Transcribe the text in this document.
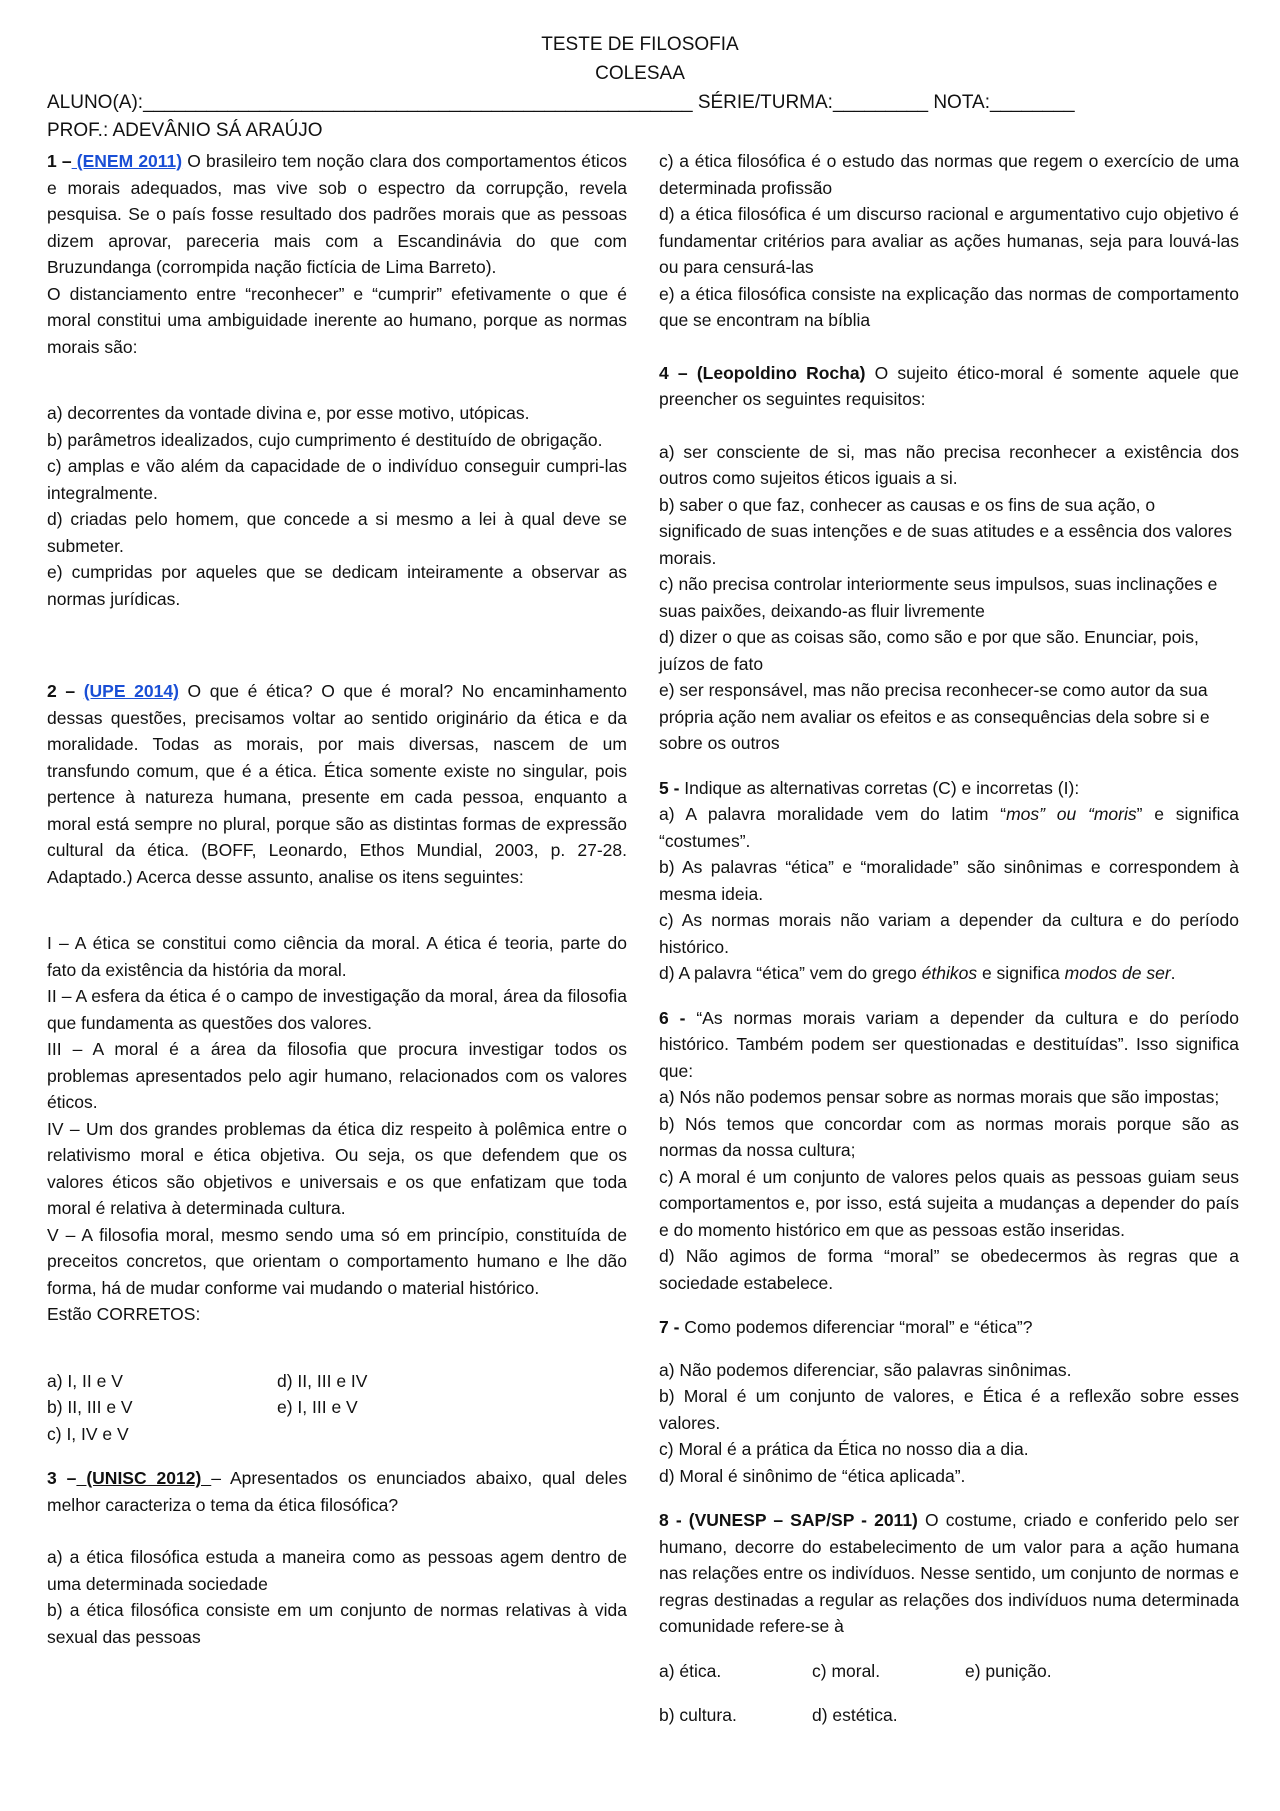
TESTE DE FILOSOFIA
COLESAA
ALUNO(A):____________________________________________________ SÉRIE/TURMA:_________ NOTA:________
PROF.: ADEVÂNIO SÁ ARAÚJO

1 – (ENEM 2011) O brasileiro tem noção clara dos comportamentos éticos e morais adequados, mas vive sob o espectro da corrupção, revela pesquisa. Se o país fosse resultado dos padrões morais que as pessoas dizem aprovar, pareceria mais com a Escandinávia do que com Bruzundanga (corrompida nação fictícia de Lima Barreto).

O distanciamento entre “reconhecer” e “cumprir” efetivamente o que é moral constitui uma ambiguidade inerente ao humano, porque as normas morais são:

a) decorrentes da vontade divina e, por esse motivo, utópicas.

b) parâmetros idealizados, cujo cumprimento é destituído de obrigação.

c) amplas e vão além da capacidade de o indivíduo conseguir cumpri-las integralmente.

d) criadas pelo homem, que concede a si mesmo a lei à qual deve se submeter.

e) cumpridas por aqueles que se dedicam inteiramente a observar as normas jurídicas.

2 – (UPE 2014) O que é ética? O que é moral? No encaminhamento dessas questões, precisamos voltar ao sentido originário da ética e da moralidade. Todas as morais, por mais diversas, nascem de um transfundo comum, que é a ética. Ética somente existe no singular, pois pertence à natureza humana, presente em cada pessoa, enquanto a moral está sempre no plural, porque são as distintas formas de expressão cultural da ética. (BOFF, Leonardo, Ethos Mundial, 2003, p. 27-28. Adaptado.) Acerca desse assunto, analise os itens seguintes:

I – A ética se constitui como ciência da moral. A ética é teoria, parte do fato da existência da história da moral.

II – A esfera da ética é o campo de investigação da moral, área da filosofia que fundamenta as questões dos valores.

III – A moral é a área da filosofia que procura investigar todos os problemas apresentados pelo agir humano, relacionados com os valores éticos.

IV – Um dos grandes problemas da ética diz respeito à polêmica entre o relativismo moral e ética objetiva. Ou seja, os que defendem que os valores éticos são objetivos e universais e os que enfatizam que toda moral é relativa à determinada cultura.

V – A filosofia moral, mesmo sendo uma só em princípio, constituída de preceitos concretos, que orientam o comportamento humano e lhe dão forma, há de mudar conforme vai mudando o material histórico.

Estão CORRETOS:

a) I, II e V	d) II, III e IV
b) II, III e V	e) I, III e V
c) I, IV e V

3 – (UNISC 2012) – Apresentados os enunciados abaixo, qual deles melhor caracteriza o tema da ética filosófica?

a) a ética filosófica estuda a maneira como as pessoas agem dentro de uma determinada sociedade

b) a ética filosófica consiste em um conjunto de normas relativas à vida sexual das pessoas

c) a ética filosófica é o estudo das normas que regem o exercício de uma determinada profissão

d) a ética filosófica é um discurso racional e argumentativo cujo objetivo é fundamentar critérios para avaliar as ações humanas, seja para louvá-las ou para censurá-las

e) a ética filosófica consiste na explicação das normas de comportamento que se encontram na bíblia

4 – (Leopoldino Rocha) O sujeito ético-moral é somente aquele que preencher os seguintes requisitos:

a) ser consciente de si, mas não precisa reconhecer a existência dos outros como sujeitos éticos iguais a si.

b) saber o que faz, conhecer as causas e os fins de sua ação, o significado de suas intenções e de suas atitudes e a essência dos valores morais.

c) não precisa controlar interiormente seus impulsos, suas inclinações e suas paixões, deixando-as fluir livremente

d) dizer o que as coisas são, como são e por que são. Enunciar, pois, juízos de fato

e) ser responsável, mas não precisa reconhecer-se como autor da sua própria ação nem avaliar os efeitos e as consequências dela sobre si e sobre os outros

5 - Indique as alternativas corretas (C) e incorretas (I):

a) A palavra moralidade vem do latim “mos” ou “moris” e significa “costumes”.

b) As palavras “ética” e “moralidade” são sinônimas e correspondem à mesma ideia.

c) As normas morais não variam a depender da cultura e do período histórico.

d) A palavra “ética” vem do grego éthikos e significa modos de ser.

6 - “As normas morais variam a depender da cultura e do período histórico. Também podem ser questionadas e destituídas”. Isso significa que:

a) Nós não podemos pensar sobre as normas morais que são impostas;

b) Nós temos que concordar com as normas morais porque são as normas da nossa cultura;

c) A moral é um conjunto de valores pelos quais as pessoas guiam seus comportamentos e, por isso, está sujeita a mudanças a depender do país e do momento histórico em que as pessoas estão inseridas.

d) Não agimos de forma “moral” se obedecermos às regras que a sociedade estabelece.

7 - Como podemos diferenciar “moral” e “ética”?

a) Não podemos diferenciar, são palavras sinônimas.

b) Moral é um conjunto de valores, e Ética é a reflexão sobre esses valores.

c) Moral é a prática da Ética no nosso dia a dia.

d) Moral é sinônimo de “ética aplicada”.

8 - (VUNESP – SAP/SP - 2011) O costume, criado e conferido pelo ser humano, decorre do estabelecimento de um valor para a ação humana nas relações entre os indivíduos. Nesse sentido, um conjunto de normas e regras destinadas a regular as relações dos indivíduos numa determinada comunidade refere-se à

a) ética.	c) moral.	e) punição.
b) cultura.	d) estética.
